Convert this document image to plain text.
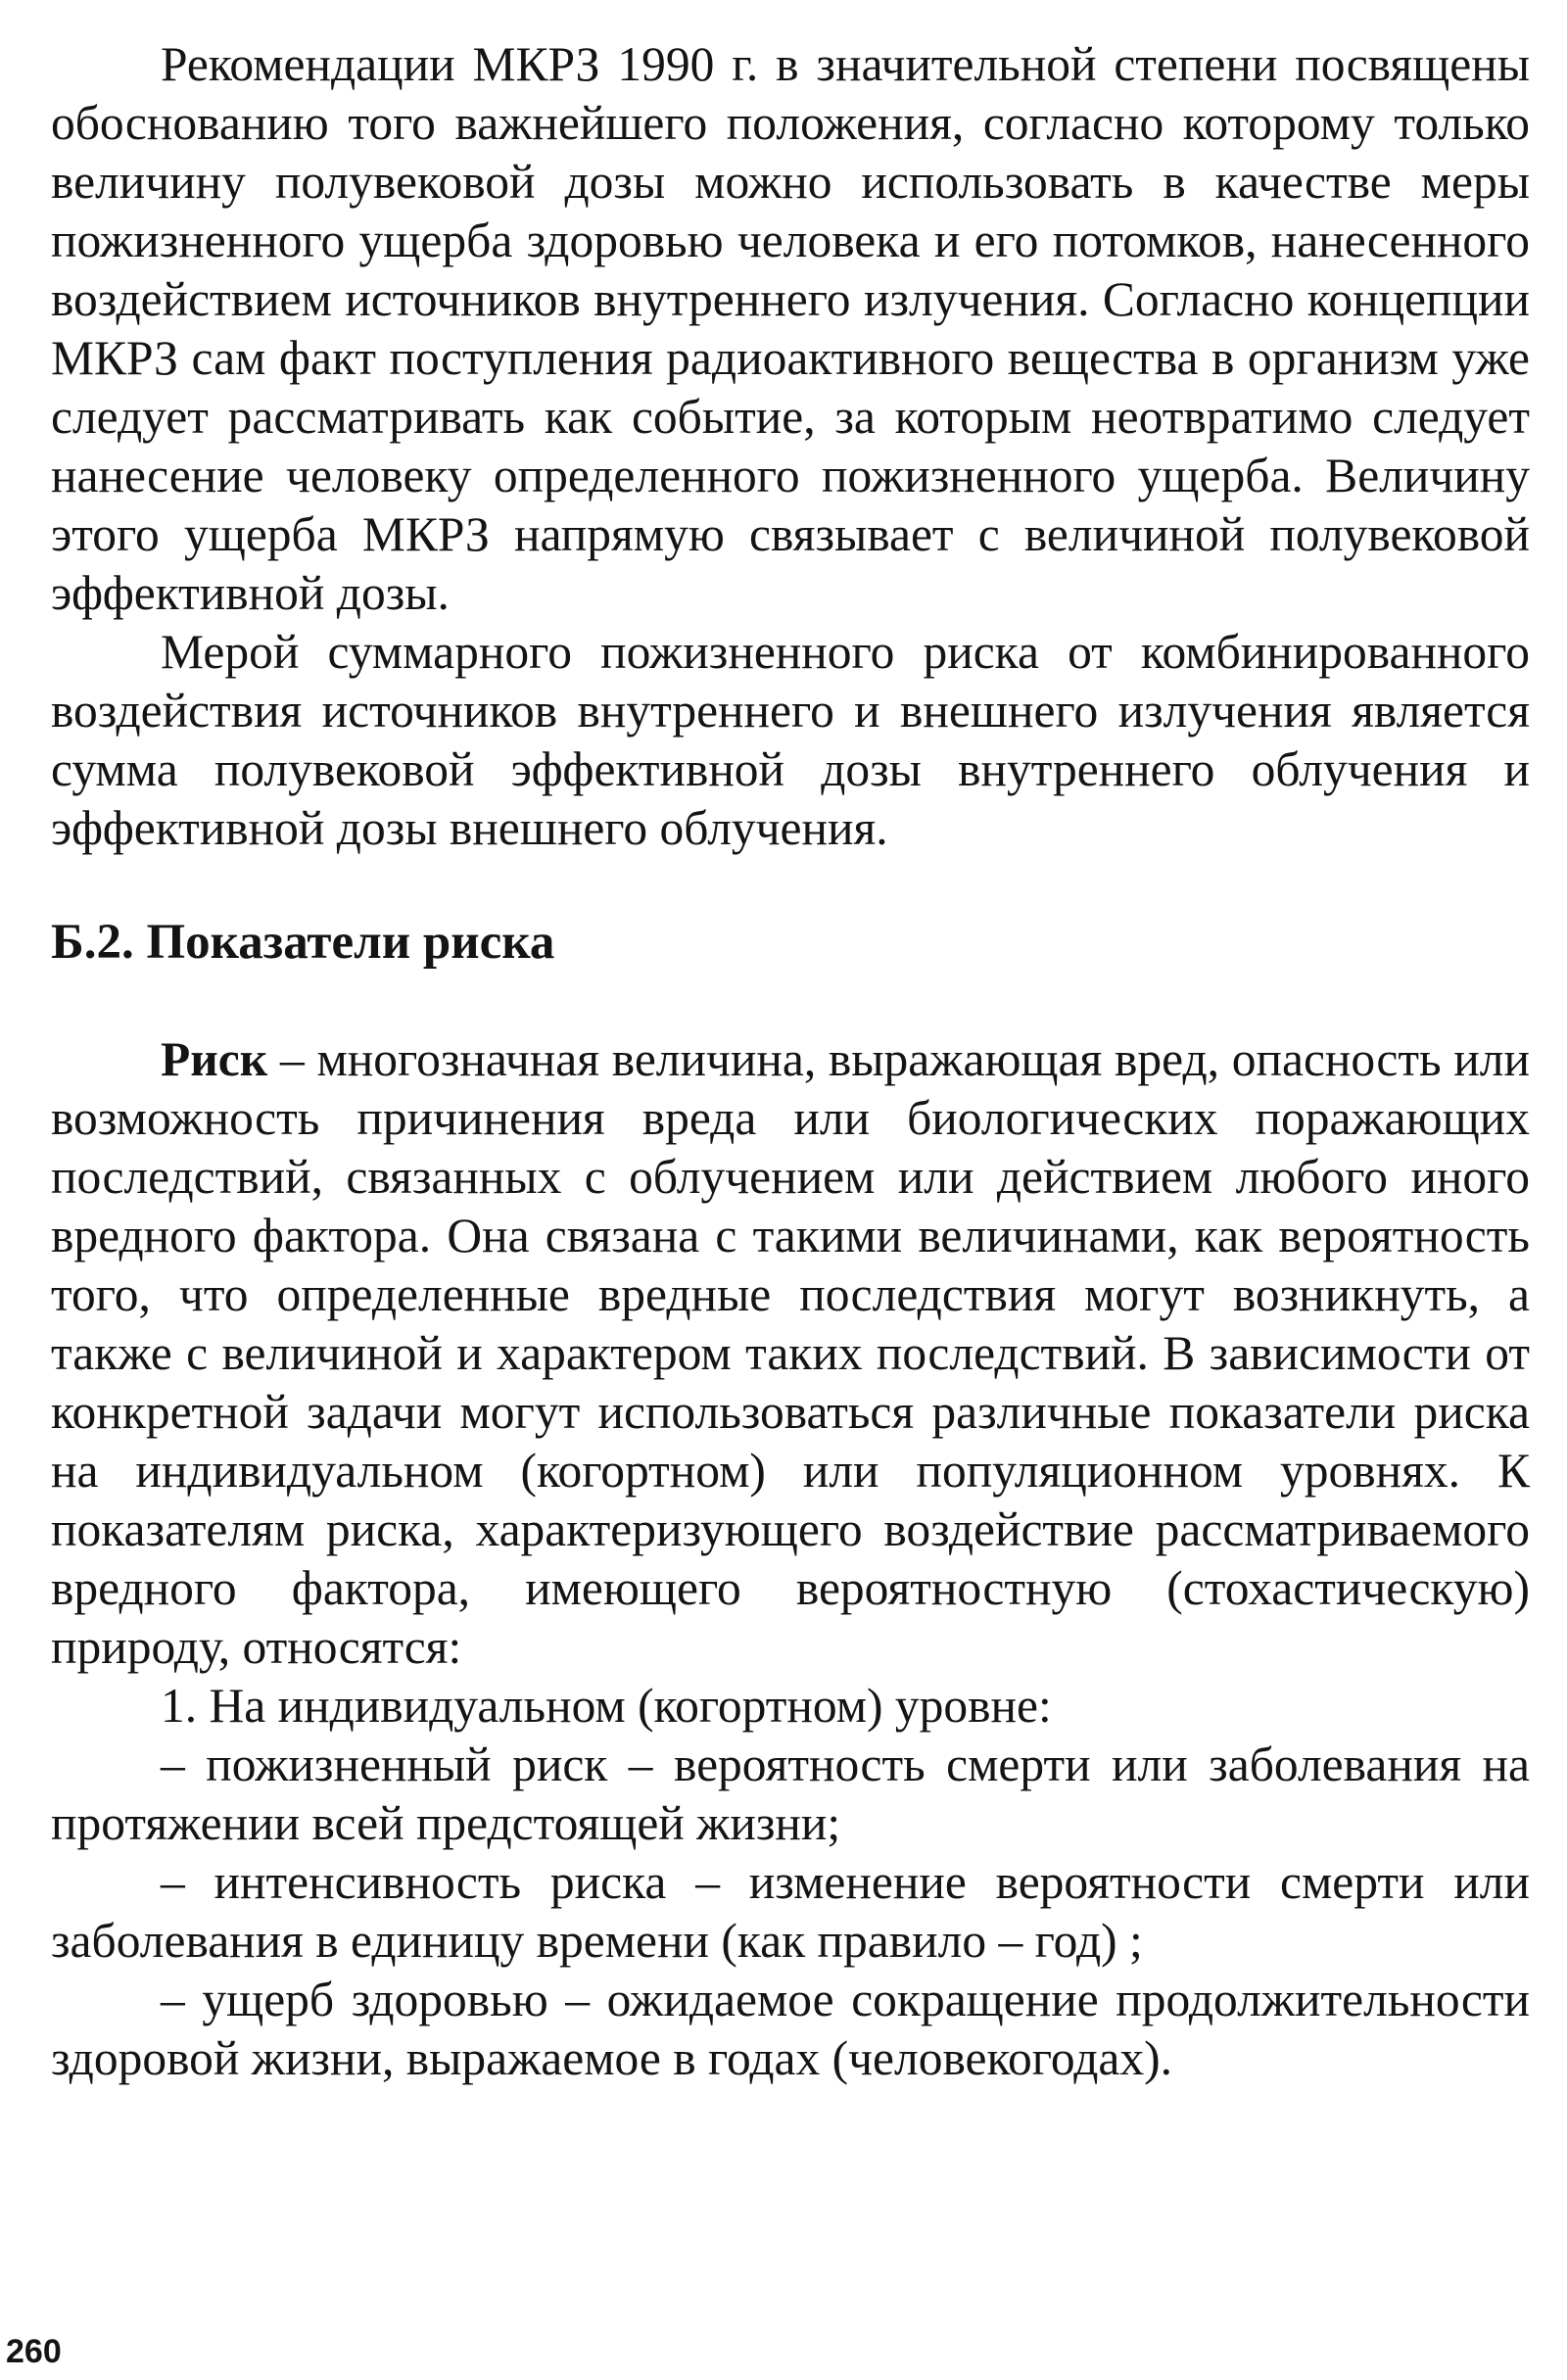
Рекомендации МКРЗ 1990 г. в значительной степени посвящены обоснованию того важнейшего положения, согласно которому только величину полувековой дозы можно использовать в качестве меры пожизненного ущерба здоровью человека и его потомков, нанесенного воздействием источников внутреннего излучения. Согласно концепции МКРЗ сам факт поступления радиоактивного вещества в организм уже следует рассматривать как событие, за которым неотвратимо следует нанесение человеку определенного пожизненного ущерба. Величину этого ущерба МКРЗ напрямую связывает с величиной полувековой эффективной дозы.

Мерой суммарного пожизненного риска от комбинированного воздействия источников внутреннего и внешнего излучения является сумма полувековой эффективной дозы внутреннего облучения и эффективной дозы внешнего облучения.

Б.2. Показатели риска

Риск – многозначная величина, выражающая вред, опасность или возможность причинения вреда или биологических поражающих последствий, связанных с облучением или действием любого иного вредного фактора. Она связана с такими величинами, как вероятность того, что определенные вредные последствия могут возникнуть, а также с величиной и характером таких последствий. В зависимости от конкретной задачи могут использоваться различные показатели риска на индивидуальном (когортном) или популяционном уровнях. К показателям риска, характеризующего воздействие рассматриваемого вредного фактора, имеющего вероятностную (стохастическую) природу, относятся:

1. На индивидуальном (когортном) уровне:

– пожизненный риск – вероятность смерти или заболевания на протяжении всей предстоящей жизни;

– интенсивность риска – изменение вероятности смерти или заболевания в единицу времени (как правило – год) ;

– ущерб здоровью – ожидаемое сокращение продолжительности здоровой жизни, выражаемое в годах (человекогодах).

260
